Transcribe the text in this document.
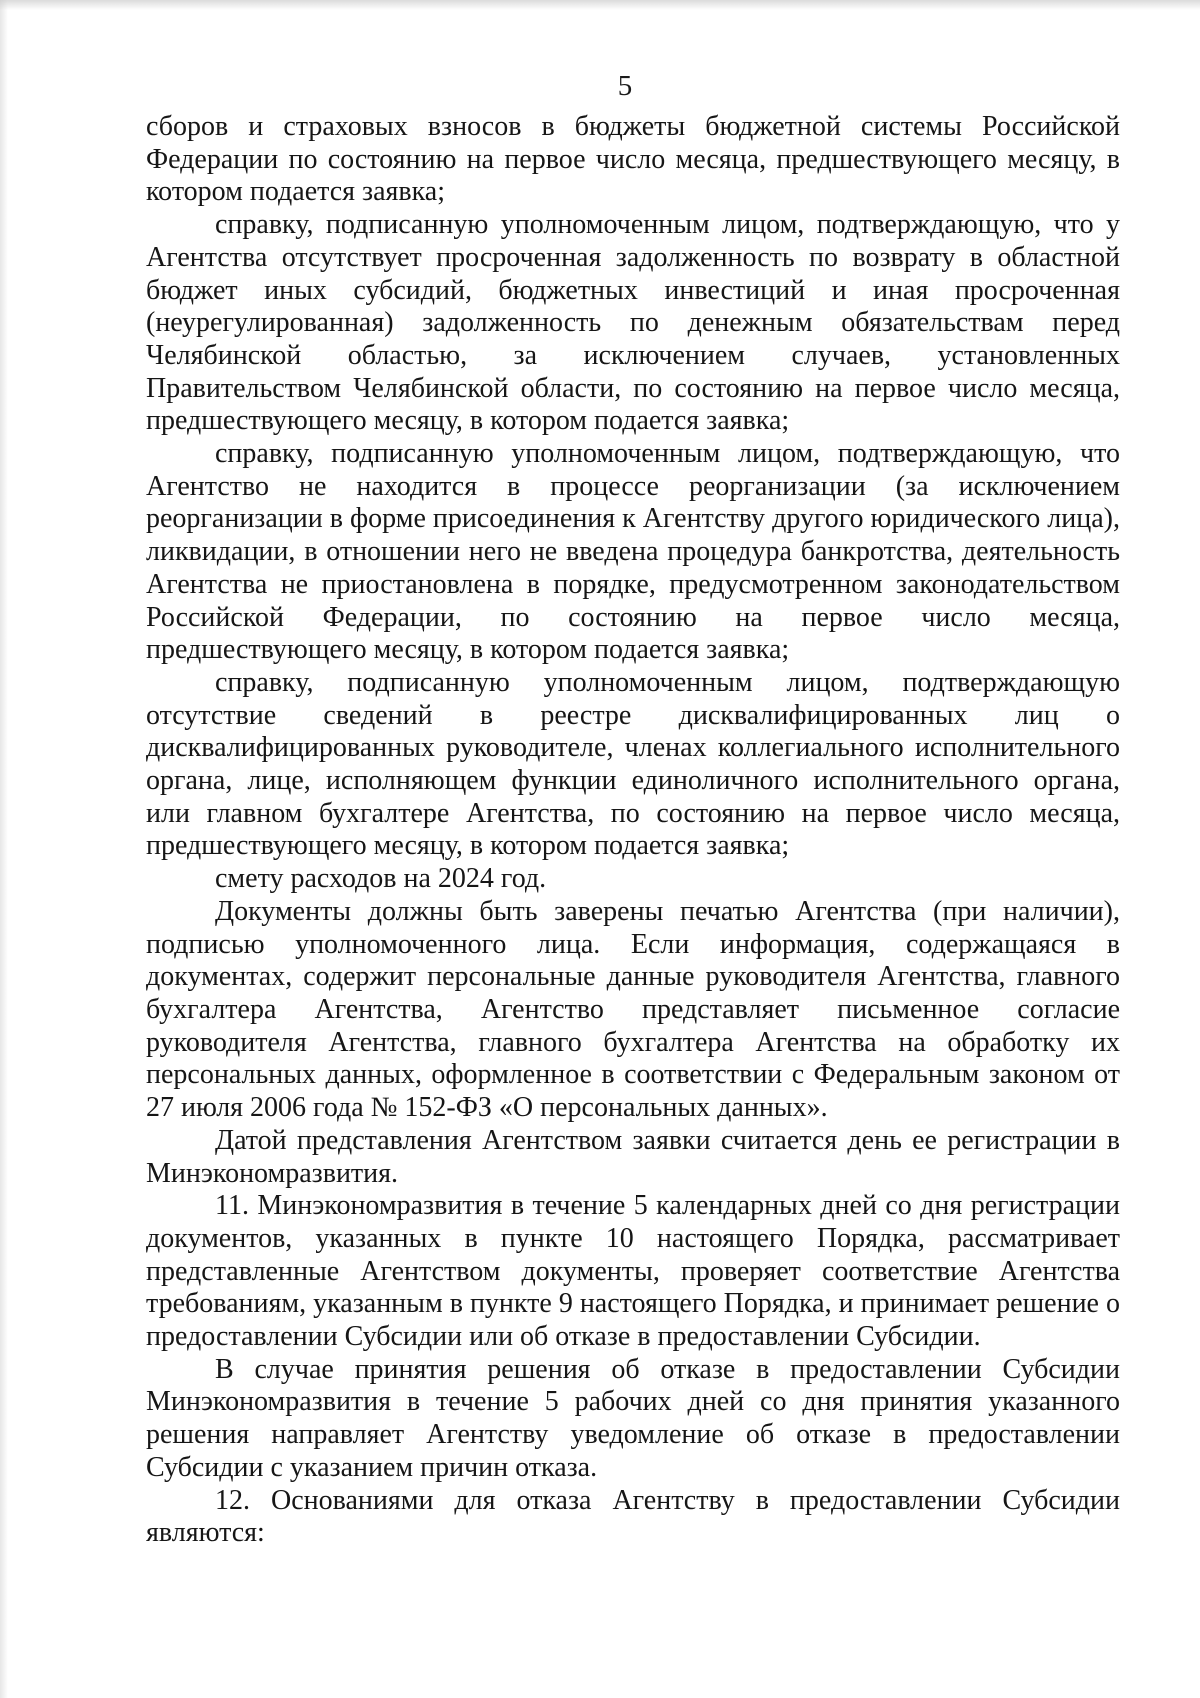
5

сборов и страховых взносов в бюджеты бюджетной системы Российской Федерации по состоянию на первое число месяца, предшествующего месяцу, в котором подается заявка;

справку, подписанную уполномоченным лицом, подтверждающую, что у Агентства отсутствует просроченная задолженность по возврату в областной бюджет иных субсидий, бюджетных инвестиций и иная просроченная (неурегулированная) задолженность по денежным обязательствам перед Челябинской областью, за исключением случаев, установленных Правительством Челябинской области, по состоянию на первое число месяца, предшествующего месяцу, в котором подается заявка;

справку, подписанную уполномоченным лицом, подтверждающую, что Агентство не находится в процессе реорганизации (за исключением реорганизации в форме присоединения к Агентству другого юридического лица), ликвидации, в отношении него не введена процедура банкротства, деятельность Агентства не приостановлена в порядке, предусмотренном законодательством Российской Федерации, по состоянию на первое число месяца, предшествующего месяцу, в котором подается заявка;

справку, подписанную уполномоченным лицом, подтверждающую отсутствие сведений в реестре дисквалифицированных лиц о дисквалифицированных руководителе, членах коллегиального исполнительного органа, лице, исполняющем функции единоличного исполнительного органа, или главном бухгалтере Агентства, по состоянию на первое число месяца, предшествующего месяцу, в котором подается заявка;

смету расходов на 2024 год.

Документы должны быть заверены печатью Агентства (при наличии), подписью уполномоченного лица. Если информация, содержащаяся в документах, содержит персональные данные руководителя Агентства, главного бухгалтера Агентства, Агентство представляет письменное согласие руководителя Агентства, главного бухгалтера Агентства на обработку их персональных данных, оформленное в соответствии с Федеральным законом от 27 июля 2006 года № 152-ФЗ «О персональных данных».

Датой представления Агентством заявки считается день ее регистрации в Минэкономразвития.

11. Минэкономразвития в течение 5 календарных дней со дня регистрации документов, указанных в пункте 10 настоящего Порядка, рассматривает представленные Агентством документы, проверяет соответствие Агентства требованиям, указанным в пункте 9 настоящего Порядка, и принимает решение о предоставлении Субсидии или об отказе в предоставлении Субсидии.

В случае принятия решения об отказе в предоставлении Субсидии Минэкономразвития в течение 5 рабочих дней со дня принятия указанного решения направляет Агентству уведомление об отказе в предоставлении Субсидии с указанием причин отказа.

12. Основаниями для отказа Агентству в предоставлении Субсидии являются:
